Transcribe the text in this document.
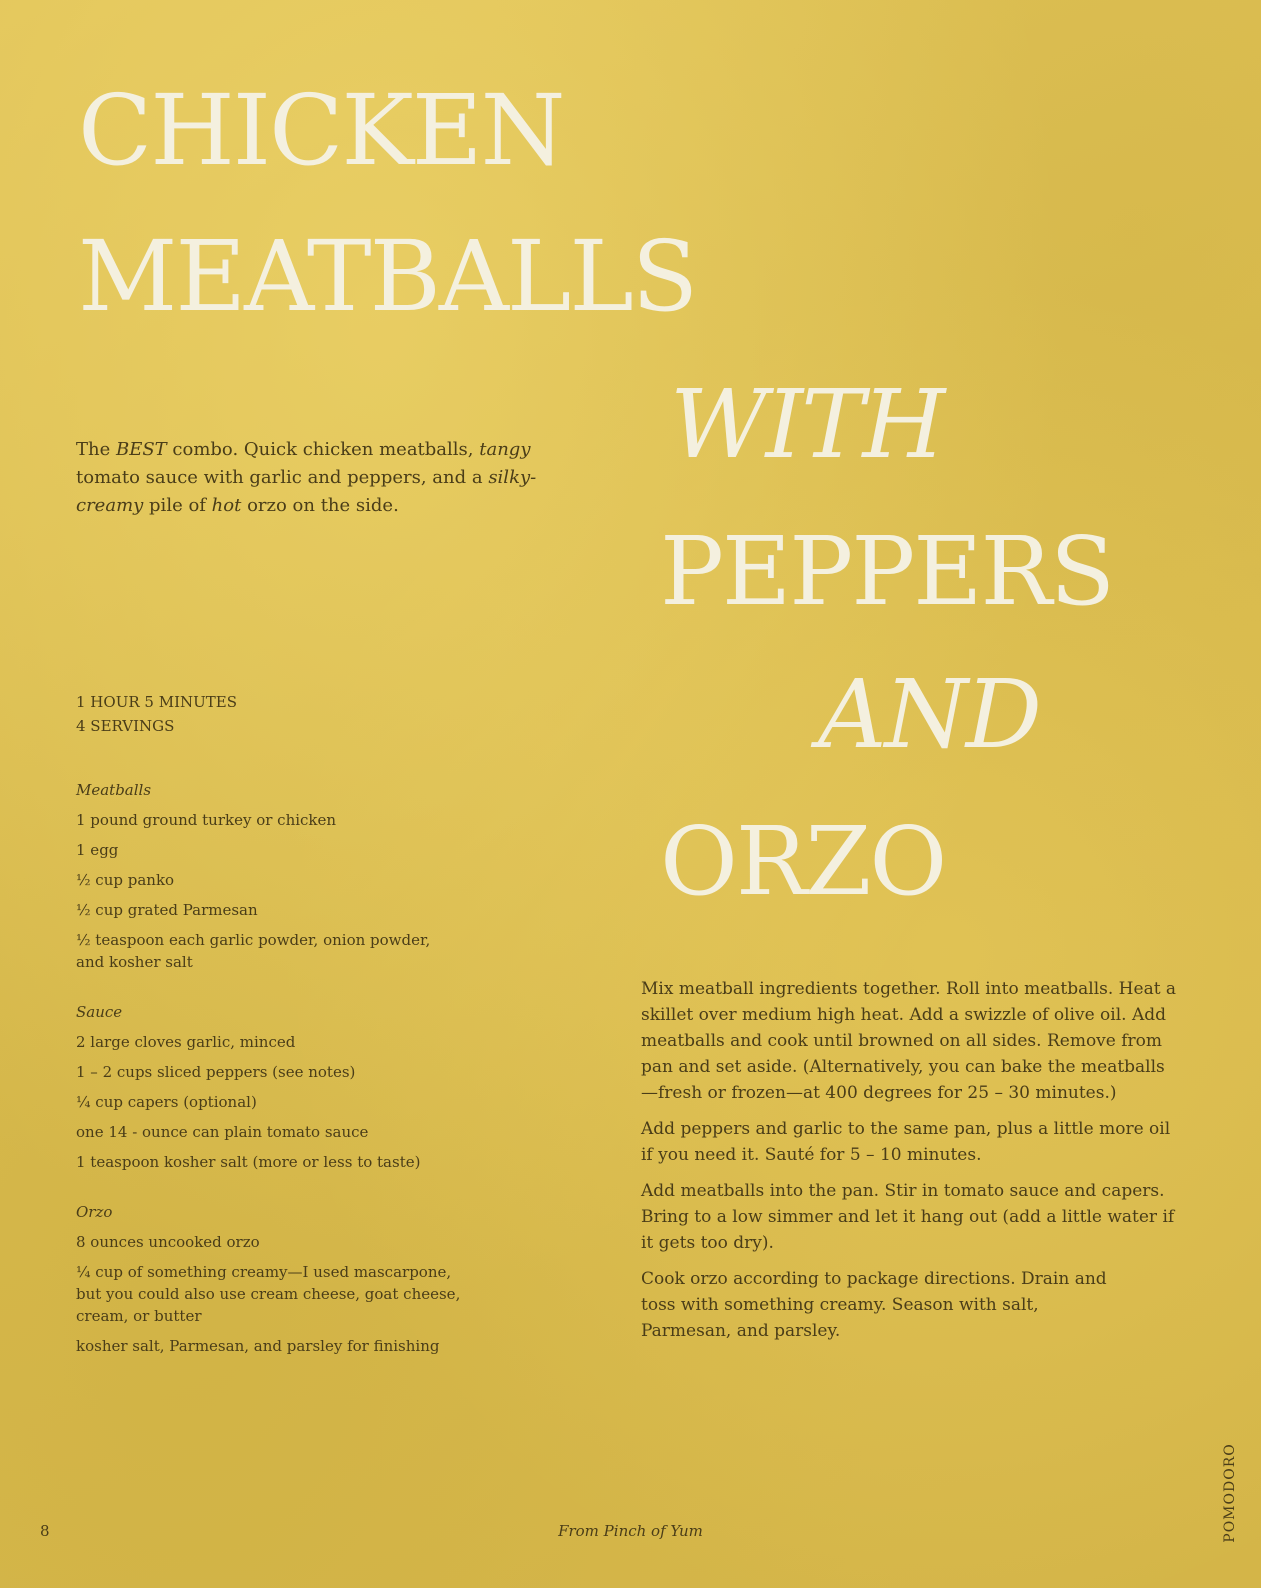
CHICKEN
MEATBALLS
WITH
PEPPERS
AND
ORZO

The BEST combo. Quick chicken meatballs, tangy tomato sauce with garlic and peppers, and a silky-creamy pile of hot orzo on the side.

1 HOUR 5 MINUTES
4 SERVINGS
Meatballs
1 pound ground turkey or chicken
1 egg
½ cup panko
½ cup grated Parmesan
½ teaspoon each garlic powder, onion powder, and kosher salt
Sauce
2 large cloves garlic, minced
1 – 2 cups sliced peppers (see notes)
¼ cup capers (optional)
one 14 - ounce can plain tomato sauce
1 teaspoon kosher salt (more or less to taste)
Orzo
8 ounces uncooked orzo
¼ cup of something creamy—I used mascarpone, but you could also use cream cheese, goat cheese, cream, or butter
kosher salt, Parmesan, and parsley for finishing

Mix meatball ingredients together. Roll into meatballs. Heat a skillet over medium high heat. Add a swizzle of olive oil. Add meatballs and cook until browned on all sides. Remove from pan and set aside. (Alternatively, you can bake the meatballs —fresh or frozen—at 400 degrees for 25 – 30 minutes.)

Add peppers and garlic to the same pan, plus a little more oil if you need it. Sauté for 5 – 10 minutes.

Add meatballs into the pan. Stir in tomato sauce and capers. Bring to a low simmer and let it hang out (add a little water if it gets too dry).

Cook orzo according to package directions. Drain and toss with something creamy. Season with salt, Parmesan, and parsley.

8	From Pinch of Yum	POMODORO
